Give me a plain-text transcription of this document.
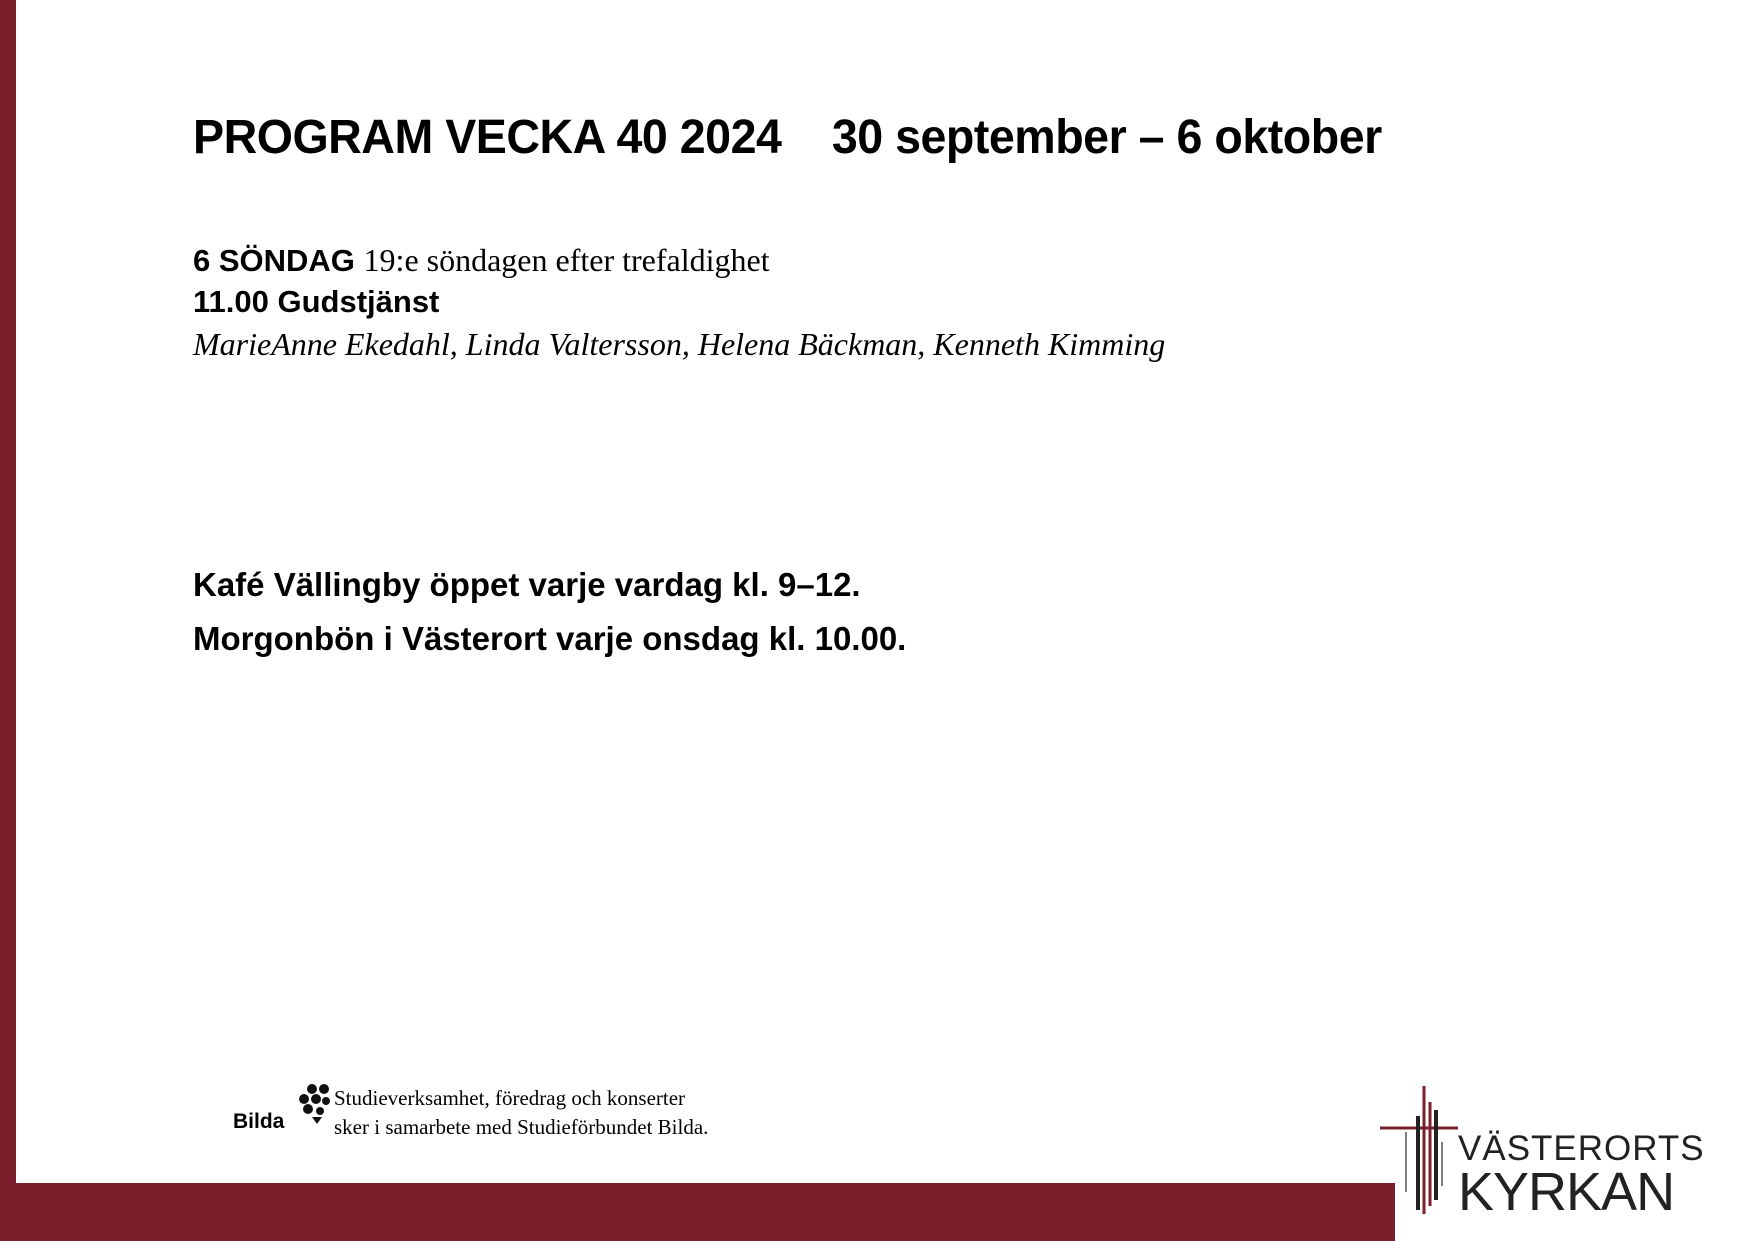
PROGRAM VECKA 40 2024 30 september – 6 oktober
6 SÖNDAG 19:e söndagen efter trefaldighet
11.00 Gudstjänst
MarieAnne Ekedahl, Linda Valtersson, Helena Bäckman, Kenneth Kimming
Kafé Vällingby öppet varje vardag kl. 9–12.
Morgonbön i Västerort varje onsdag kl. 10.00.
Bilda
Studieverksamhet, föredrag och konserter
sker i samarbete med Studieförbundet Bilda.
VÄSTERORTS
KYRKAN
